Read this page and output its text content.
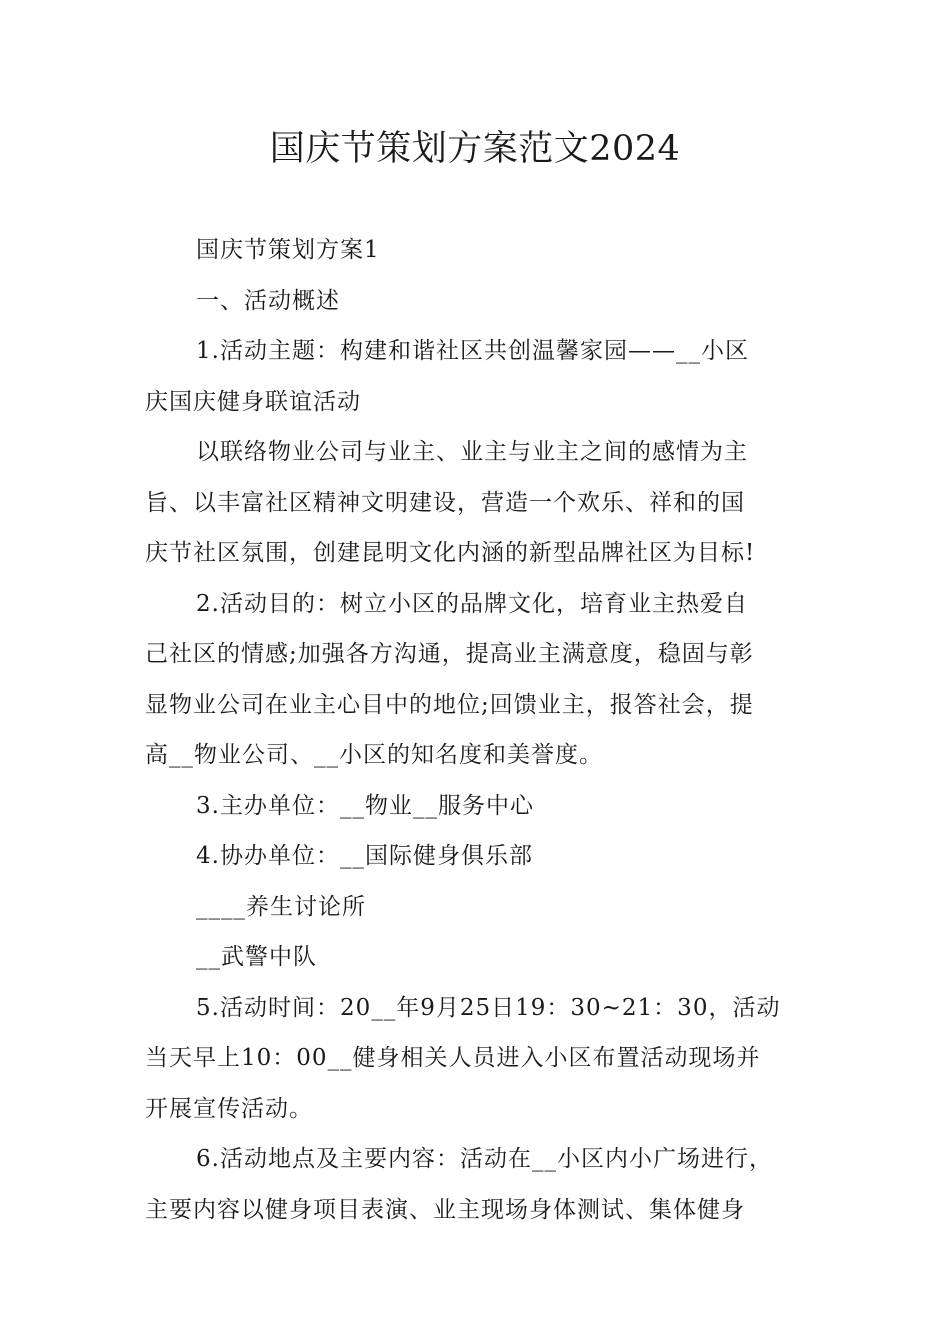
国庆节策划方案范文2024

国庆节策划方案1

一、活动概述

1.活动主题：构建和谐社区共创温馨家园——__小区
庆国庆健身联谊活动

以联络物业公司与业主、业主与业主之间的感情为主
旨、以丰富社区精神文明建设，营造一个欢乐、祥和的国
庆节社区氛围，创建昆明文化内涵的新型品牌社区为目标!

2.活动目的：树立小区的品牌文化，培育业主热爱自
己社区的情感;加强各方沟通，提高业主满意度，稳固与彰
显物业公司在业主心目中的地位;回馈业主，报答社会，提
高__物业公司、__小区的知名度和美誉度。

3.主办单位：__物业__服务中心

4.协办单位：__国际健身俱乐部

____养生讨论所

__武警中队

5.活动时间：20__年9月25日19：30~21：30，活动
当天早上10：00__健身相关人员进入小区布置活动现场并
开展宣传活动。

6.活动地点及主要内容：活动在__小区内小广场进行，
主要内容以健身项目表演、业主现场身体测试、集体健身
